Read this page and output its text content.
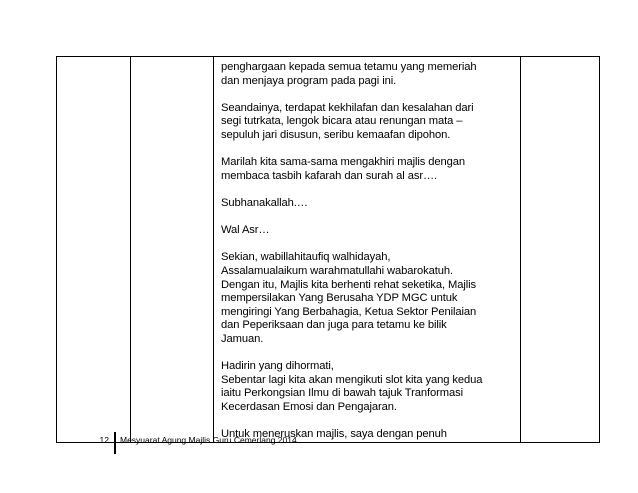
penghargaan kepada semua tetamu yang memeriah
dan menjaya program pada pagi ini.

Seandainya, terdapat kekhilafan dan kesalahan dari
segi tutrkata, lengok bicara atau renungan mata –
sepuluh jari disusun, seribu kemaafan dipohon.

Marilah kita sama-sama mengakhiri majlis dengan
membaca tasbih kafarah dan surah al asr….

Subhanakallah.…

Wal Asr…

Sekian, wabillahitaufiq walhidayah,
Assalamualaikum warahmatullahi wabarokatuh.
Dengan itu, Majlis kita berhenti rehat seketika, Majlis
mempersilakan Yang Berusaha YDP MGC untuk
mengiringi Yang Berbahagia, Ketua Sektor Penilaian
dan Peperiksaan dan juga para tetamu ke bilik
Jamuan.

Hadirin yang dihormati,
Sebentar lagi kita akan mengikuti slot kita yang kedua
iaitu Perkongsian Ilmu di bawah tajuk Tranformasi
Kecerdasan Emosi dan Pengajaran.

Untuk meneruskan majlis, saya dengan penuh

12	Mesyuarat Agung Majlis Guru Cemerlang 2014
